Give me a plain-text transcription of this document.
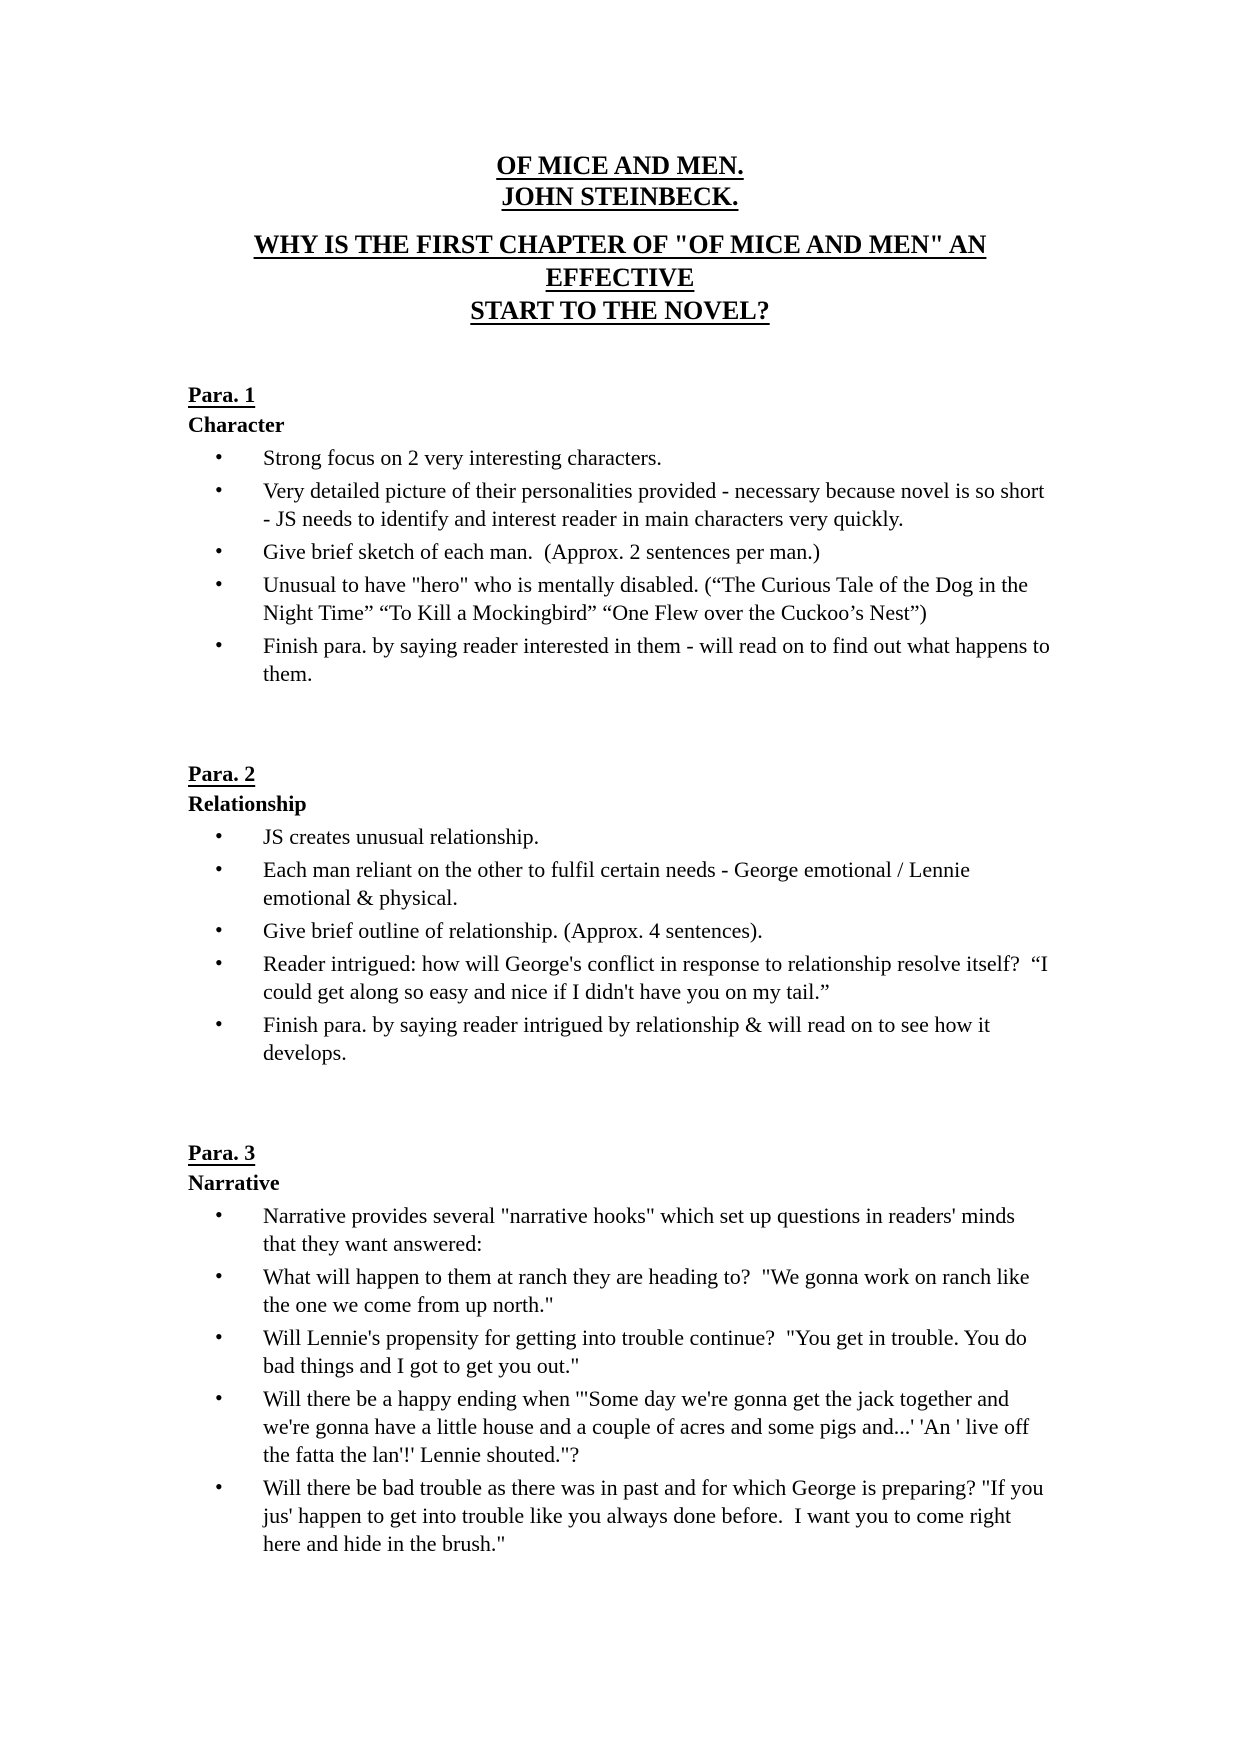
OF MICE AND MEN.
JOHN STEINBECK.
WHY IS THE FIRST CHAPTER OF "OF MICE AND MEN" AN EFFECTIVE
START TO THE NOVEL?
Para. 1
Character
• Strong focus on 2 very interesting characters.
• Very detailed picture of their personalities provided - necessary because novel is so short - JS needs to identify and interest reader in main characters very quickly.
• Give brief sketch of each man.  (Approx. 2 sentences per man.)
• Unusual to have "hero" who is mentally disabled. (“The Curious Tale of the Dog in the Night Time” “To Kill a Mockingbird” “One Flew over the Cuckoo’s Nest”)
• Finish para. by saying reader interested in them - will read on to find out what happens to them.
Para. 2
Relationship
• JS creates unusual relationship.
• Each man reliant on the other to fulfil certain needs - George emotional / Lennie emotional & physical.
• Give brief outline of relationship. (Approx. 4 sentences).
• Reader intrigued: how will George's conflict in response to relationship resolve itself?  “I could get along so easy and nice if I didn't have you on my tail.”
• Finish para. by saying reader intrigued by relationship & will read on to see how it develops.
Para. 3
Narrative
• Narrative provides several "narrative hooks" which set up questions in readers' minds that they want answered:
• What will happen to them at ranch they are heading to?  "We gonna work on ranch like the one we come from up north."
• Will Lennie's propensity for getting into trouble continue?  "You get in trouble. You do bad things and I got to get you out."
• Will there be a happy ending when '"Some day we're gonna get the jack together and we're gonna have a little house and a couple of acres and some pigs and...' 'An ' live off the fatta the lan'!' Lennie shouted."?
• Will there be bad trouble as there was in past and for which George is preparing? "If you jus' happen to get into trouble like you always done before.  I want you to come right here and hide in the brush."
